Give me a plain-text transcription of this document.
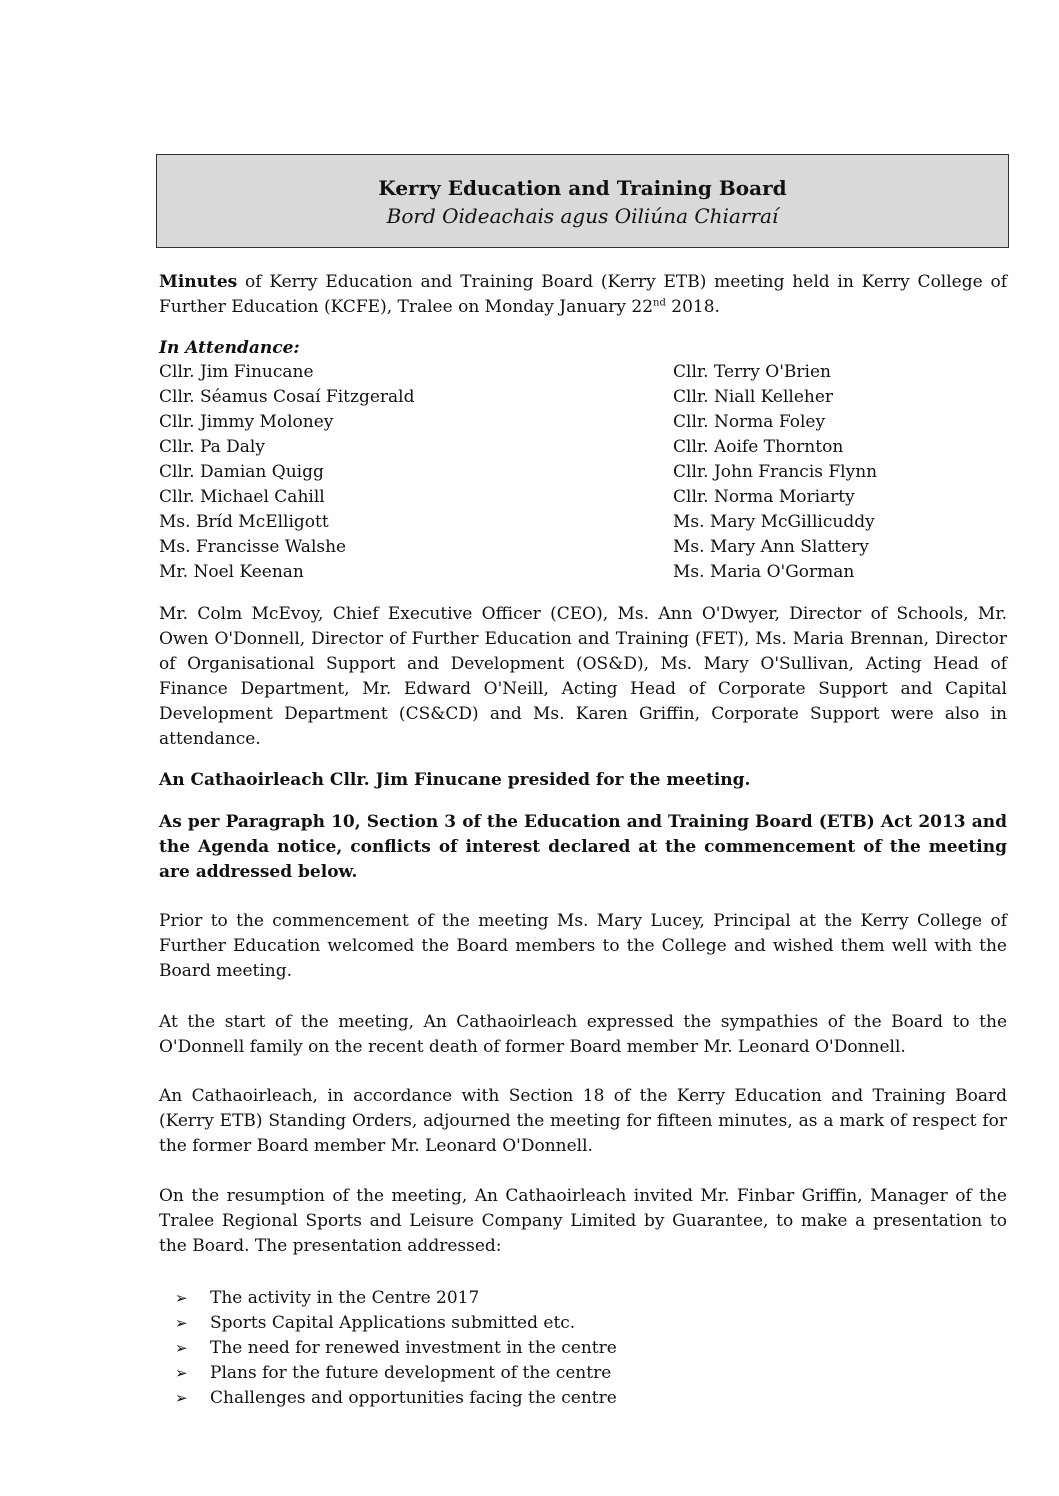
Kerry Education and Training Board
Bord Oideachais agus Oiliúna Chiarraí
Minutes of Kerry Education and Training Board (Kerry ETB) meeting held in Kerry College of Further Education (KCFE), Tralee on Monday January 22nd 2018.
In Attendance:
Cllr. Jim Finucane
Cllr. Séamus Cosaí Fitzgerald
Cllr. Jimmy Moloney
Cllr. Pa Daly
Cllr. Damian Quigg
Cllr. Michael Cahill
Ms. Bríd McElligott
Ms. Francisse Walshe
Mr. Noel Keenan
Cllr. Terry O'Brien
Cllr. Niall Kelleher
Cllr. Norma Foley
Cllr. Aoife Thornton
Cllr. John Francis Flynn
Cllr. Norma Moriarty
Ms. Mary McGillicuddy
Ms. Mary Ann Slattery
Ms. Maria O'Gorman
Mr. Colm McEvoy, Chief Executive Officer (CEO), Ms. Ann O'Dwyer, Director of Schools, Mr. Owen O'Donnell, Director of Further Education and Training (FET), Ms. Maria Brennan, Director of Organisational Support and Development (OS&D), Ms. Mary O'Sullivan, Acting Head of Finance Department, Mr. Edward O'Neill, Acting Head of Corporate Support and Capital Development Department (CS&CD) and Ms. Karen Griffin, Corporate Support were also in attendance.
An Cathaoirleach Cllr. Jim Finucane presided for the meeting.
As per Paragraph 10, Section 3 of the Education and Training Board (ETB) Act 2013 and the Agenda notice, conflicts of interest declared at the commencement of the meeting are addressed below.
Prior to the commencement of the meeting Ms. Mary Lucey, Principal at the Kerry College of Further Education welcomed the Board members to the College and wished them well with the Board meeting.
At the start of the meeting, An Cathaoirleach expressed the sympathies of the Board to the O'Donnell family on the recent death of former Board member Mr. Leonard O'Donnell.
An Cathaoirleach, in accordance with Section 18 of the Kerry Education and Training Board (Kerry ETB) Standing Orders, adjourned the meeting for fifteen minutes, as a mark of respect for the former Board member Mr. Leonard O'Donnell.
On the resumption of the meeting, An Cathaoirleach invited Mr. Finbar Griffin, Manager of the Tralee Regional Sports and Leisure Company Limited by Guarantee, to make a presentation to the Board. The presentation addressed:
➢	The activity in the Centre 2017
➢	Sports Capital Applications submitted etc.
➢	The need for renewed investment in the centre
➢	Plans for the future development of the centre
➢	Challenges and opportunities facing the centre
